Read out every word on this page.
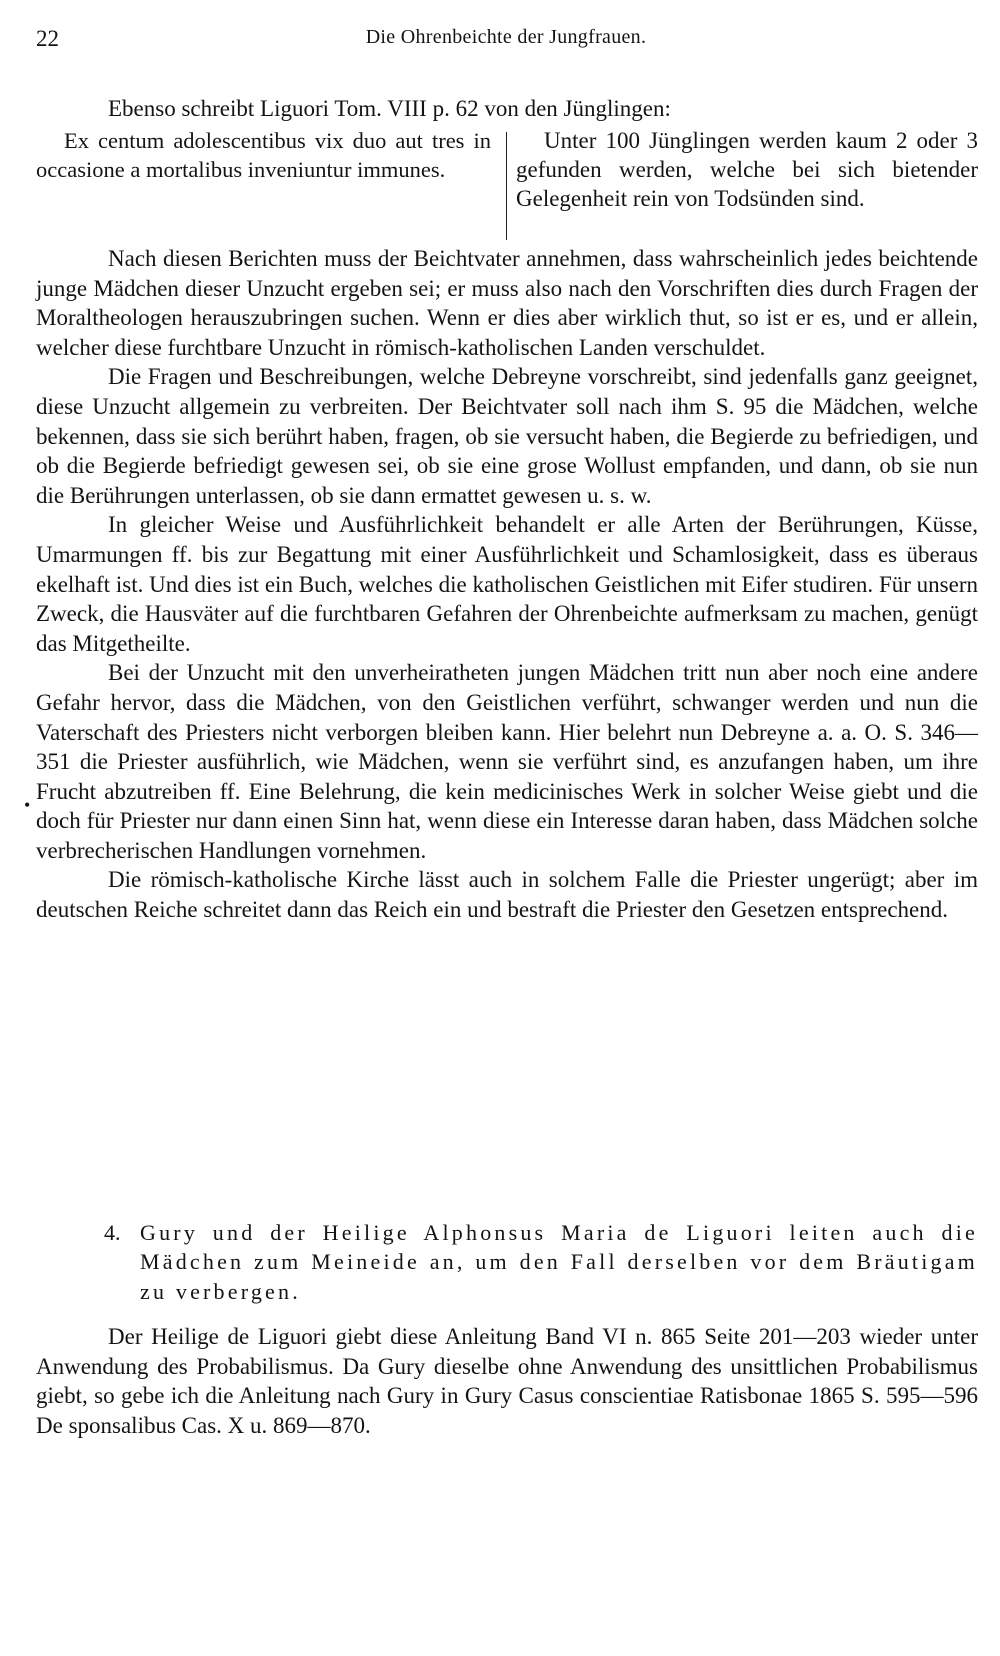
22	Die Ohrenbeichte der Jungfrauen.
Ebenso schreibt Liguori Tom. VIII p. 62 von den Jünglingen:

Ex centum adolescentibus vix duo aut tres in occasione a mortalibus inveniuntur immunes.

Unter 100 Jünglingen werden kaum 2 oder 3 gefunden werden, welche bei sich bietender Gelegenheit rein von Todsünden sind.

Nach diesen Berichten muss der Beichtvater annehmen, dass wahrscheinlich jedes beichtende junge Mädchen dieser Unzucht ergeben sei; er muss also nach den Vorschriften dies durch Fragen der Moraltheologen herauszubringen suchen. Wenn er dies aber wirklich thut, so ist er es, und er allein, welcher diese furchtbare Unzucht in römisch-katholischen Landen verschuldet.

Die Fragen und Beschreibungen, welche Debreyne vorschreibt, sind jedenfalls ganz geeignet, diese Unzucht allgemein zu verbreiten. Der Beichtvater soll nach ihm S. 95 die Mädchen, welche bekennen, dass sie sich berührt haben, fragen, ob sie versucht haben, die Begierde zu befriedigen, und ob die Begierde befriedigt gewesen sei, ob sie eine grose Wollust empfanden, und dann, ob sie nun die Berührungen unterlassen, ob sie dann ermattet gewesen u. s. w.

In gleicher Weise und Ausführlichkeit behandelt er alle Arten der Berührungen, Küsse, Umarmungen ff. bis zur Begattung mit einer Ausführlichkeit und Schamlosigkeit, dass es überaus ekelhaft ist. Und dies ist ein Buch, welches die katholischen Geistlichen mit Eifer studiren. Für unsern Zweck, die Hausväter auf die furchtbaren Gefahren der Ohrenbeichte aufmerksam zu machen, genügt das Mitgetheilte.

Bei der Unzucht mit den unverheiratheten jungen Mädchen tritt nun aber noch eine andere Gefahr hervor, dass die Mädchen, von den Geistlichen verführt, schwanger werden und nun die Vaterschaft des Priesters nicht verborgen bleiben kann. Hier belehrt nun Debreyne a. a. O. S. 346—351 die Priester ausführlich, wie Mädchen, wenn sie verführt sind, es anzufangen haben, um ihre Frucht abzutreiben ff. Eine Belehrung, die kein medicinisches Werk in solcher Weise giebt und die doch für Priester nur dann einen Sinn hat, wenn diese ein Interesse daran haben, dass Mädchen solche verbrecherischen Handlungen vornehmen.

Die römisch-katholische Kirche lässt auch in solchem Falle die Priester ungerügt; aber im deutschen Reiche schreitet dann das Reich ein und bestraft die Priester den Gesetzen entsprechend.

•
4. Gury und der Heilige Alphonsus Maria de Liguori leiten auch die Mädchen zum Meineide an, um den Fall derselben vor dem Bräutigam zu verbergen.

Der Heilige de Liguori giebt diese Anleitung Band VI n. 865 Seite 201—203 wieder unter Anwendung des Probabilismus. Da Gury dieselbe ohne Anwendung des unsittlichen Probabilismus giebt, so gebe ich die Anleitung nach Gury in Gury Casus conscientiae Ratisbonae 1865 S. 595—596 De sponsalibus Cas. X u. 869—870.
